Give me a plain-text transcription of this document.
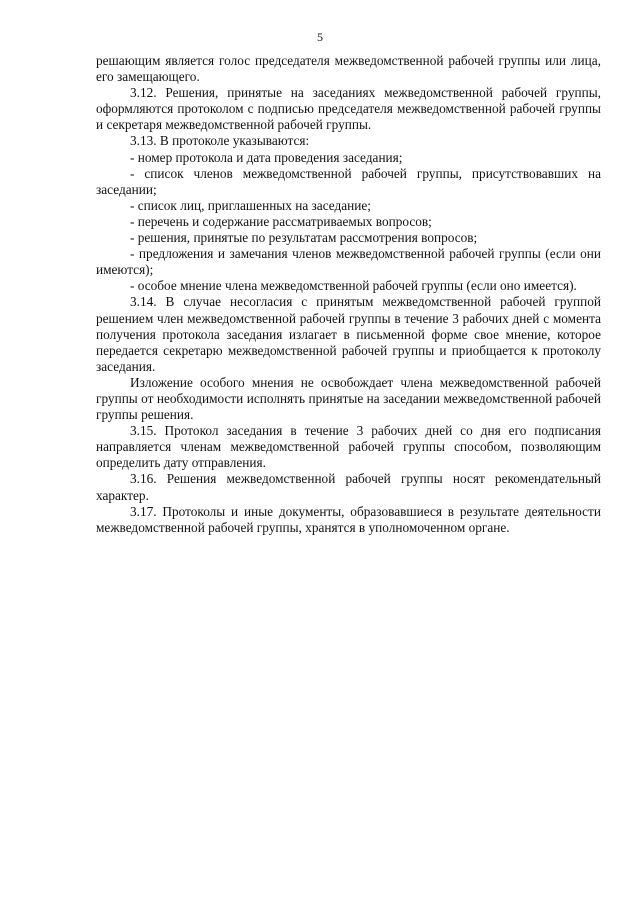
5

решающим является голос председателя межведомственной рабочей группы или лица, его замещающего.

3.12. Решения, принятые на заседаниях межведомственной рабочей группы, оформляются протоколом с подписью председателя межведомственной рабочей группы и секретаря межведомственной рабочей группы.

3.13. В протоколе указываются:

- номер протокола и дата проведения заседания;

- список членов межведомственной рабочей группы, присутствовавших на заседании;

- список лиц, приглашенных на заседание;

- перечень и содержание рассматриваемых вопросов;

- решения, принятые по результатам рассмотрения вопросов;

- предложения и замечания членов межведомственной рабочей группы (если они имеются);

- особое мнение члена межведомственной рабочей группы (если оно имеется).

3.14. В случае несогласия с принятым межведомственной рабочей группой решением член межведомственной рабочей группы в течение 3 рабочих дней с момента получения протокола заседания излагает в письменной форме свое мнение, которое передается секретарю межведомственной рабочей группы и приобщается к протоколу заседания.

Изложение особого мнения не освобождает члена межведомственной рабочей группы от необходимости исполнять принятые на заседании межведомственной рабочей группы решения.

3.15. Протокол заседания в течение 3 рабочих дней со дня его подписания направляется членам межведомственной рабочей группы способом, позволяющим определить дату отправления.

3.16. Решения межведомственной рабочей группы носят рекомендательный характер.

3.17. Протоколы и иные документы, образовавшиеся в результате деятельности межведомственной рабочей группы, хранятся в уполномоченном органе.
